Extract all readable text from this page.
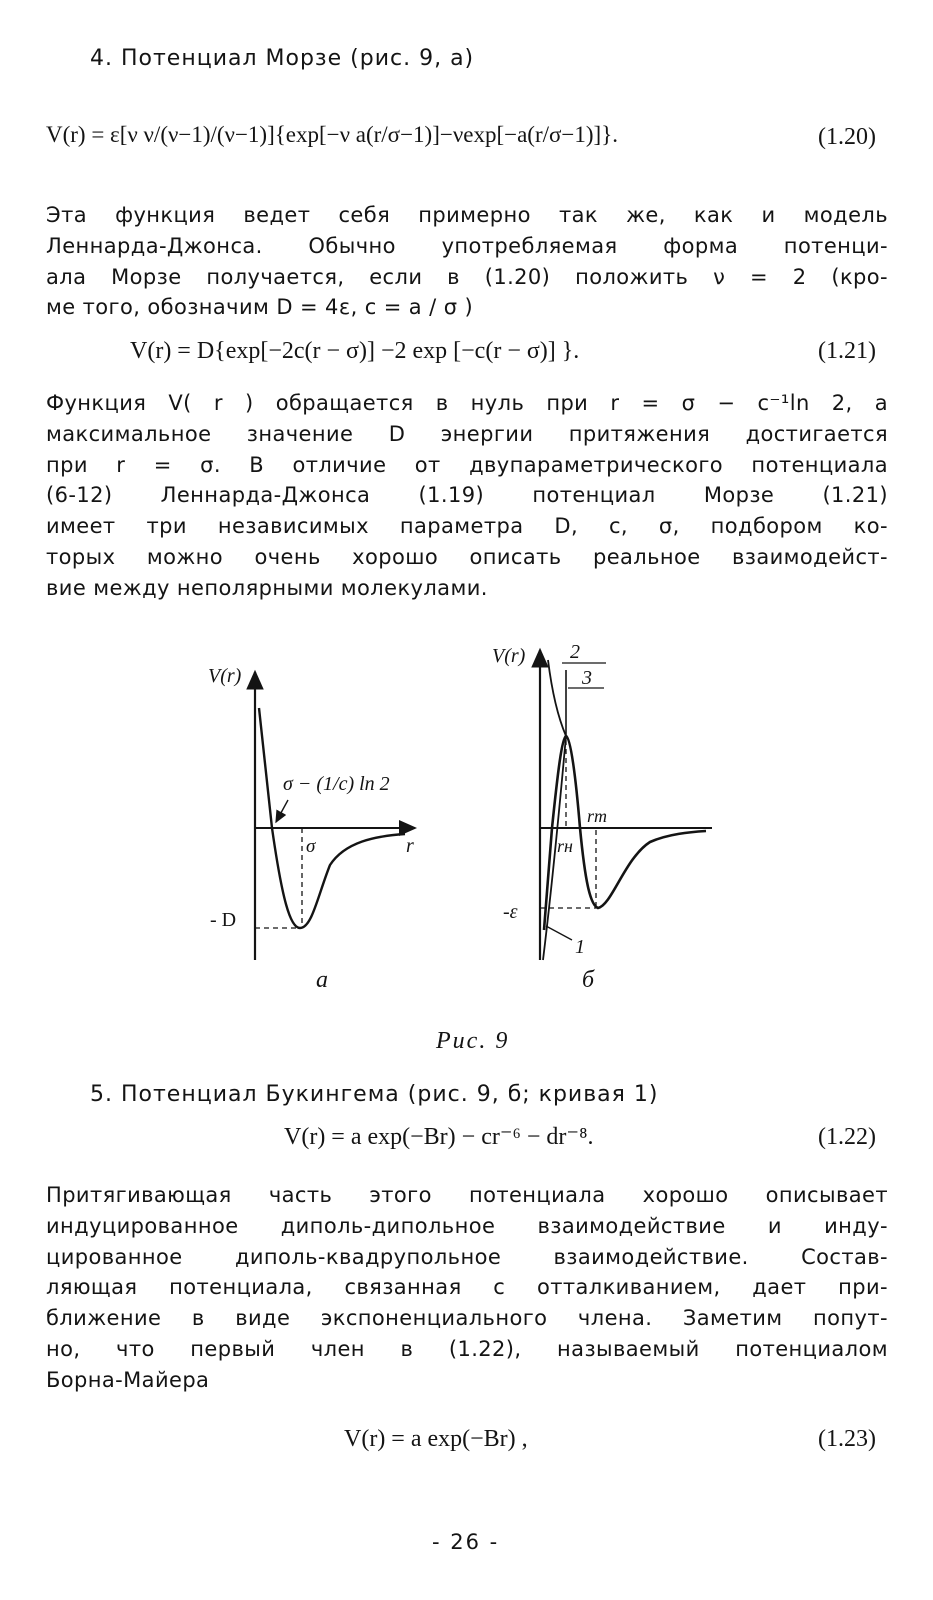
4. Потенциал Морзе (рис. 9, a)
V(r) = ε[ν ν/(ν−1)/(ν−1)]{exp[−ν a(r/σ−1)]−νexp[−a(r/σ−1)]}.	(1.20)
Эта функция ведет себя примерно так же, как и модель
Леннарда-Джонса. Обычно употребляемая форма потенци-
ала Морзе получается, если в (1.20) положить ν = 2 (кро-
ме того, обозначим D = 4ε, c = a / σ )
V(r) = D{exp[−2c(r − σ)] −2 exp [−c(r − σ)] }.	(1.21)
Функция V( r ) обращается в нуль при r = σ − c⁻¹ln 2, а
максимальное значение D энергии притяжения достигается
при r = σ. В отличие от двупараметрического потенциала
(6-12) Леннарда-Джонса (1.19) потенциал Морзе (1.21)
имеет три независимых параметра D, c, σ, подбором ко-
торых можно очень хорошо описать реальное взаимодейст-
вие между неполярными молекулами.
V(r)
r
σ − (1/c) ln 2
σ
- D
a
V(r) 2
3
1
rm
rн
-ε
б
Рис. 9
5. Потенциал Букингема (рис. 9, б; кривая 1)
V(r) = a exp(−Br) − cr⁻⁶ − dr⁻⁸.	(1.22)
Притягивающая часть этого потенциала хорошо описывает
индуцированное диполь-дипольное взаимодействие и инду-
цированное диполь-квадрупольное взаимодействие. Состав-
ляющая потенциала, связанная с отталкиванием, дает при-
ближение в виде экспоненциального члена. Заметим попут-
но, что первый член в (1.22), называемый потенциалом
Борна-Майера
V(r) = a exp(−Br) ,	(1.23)
- 26 -
